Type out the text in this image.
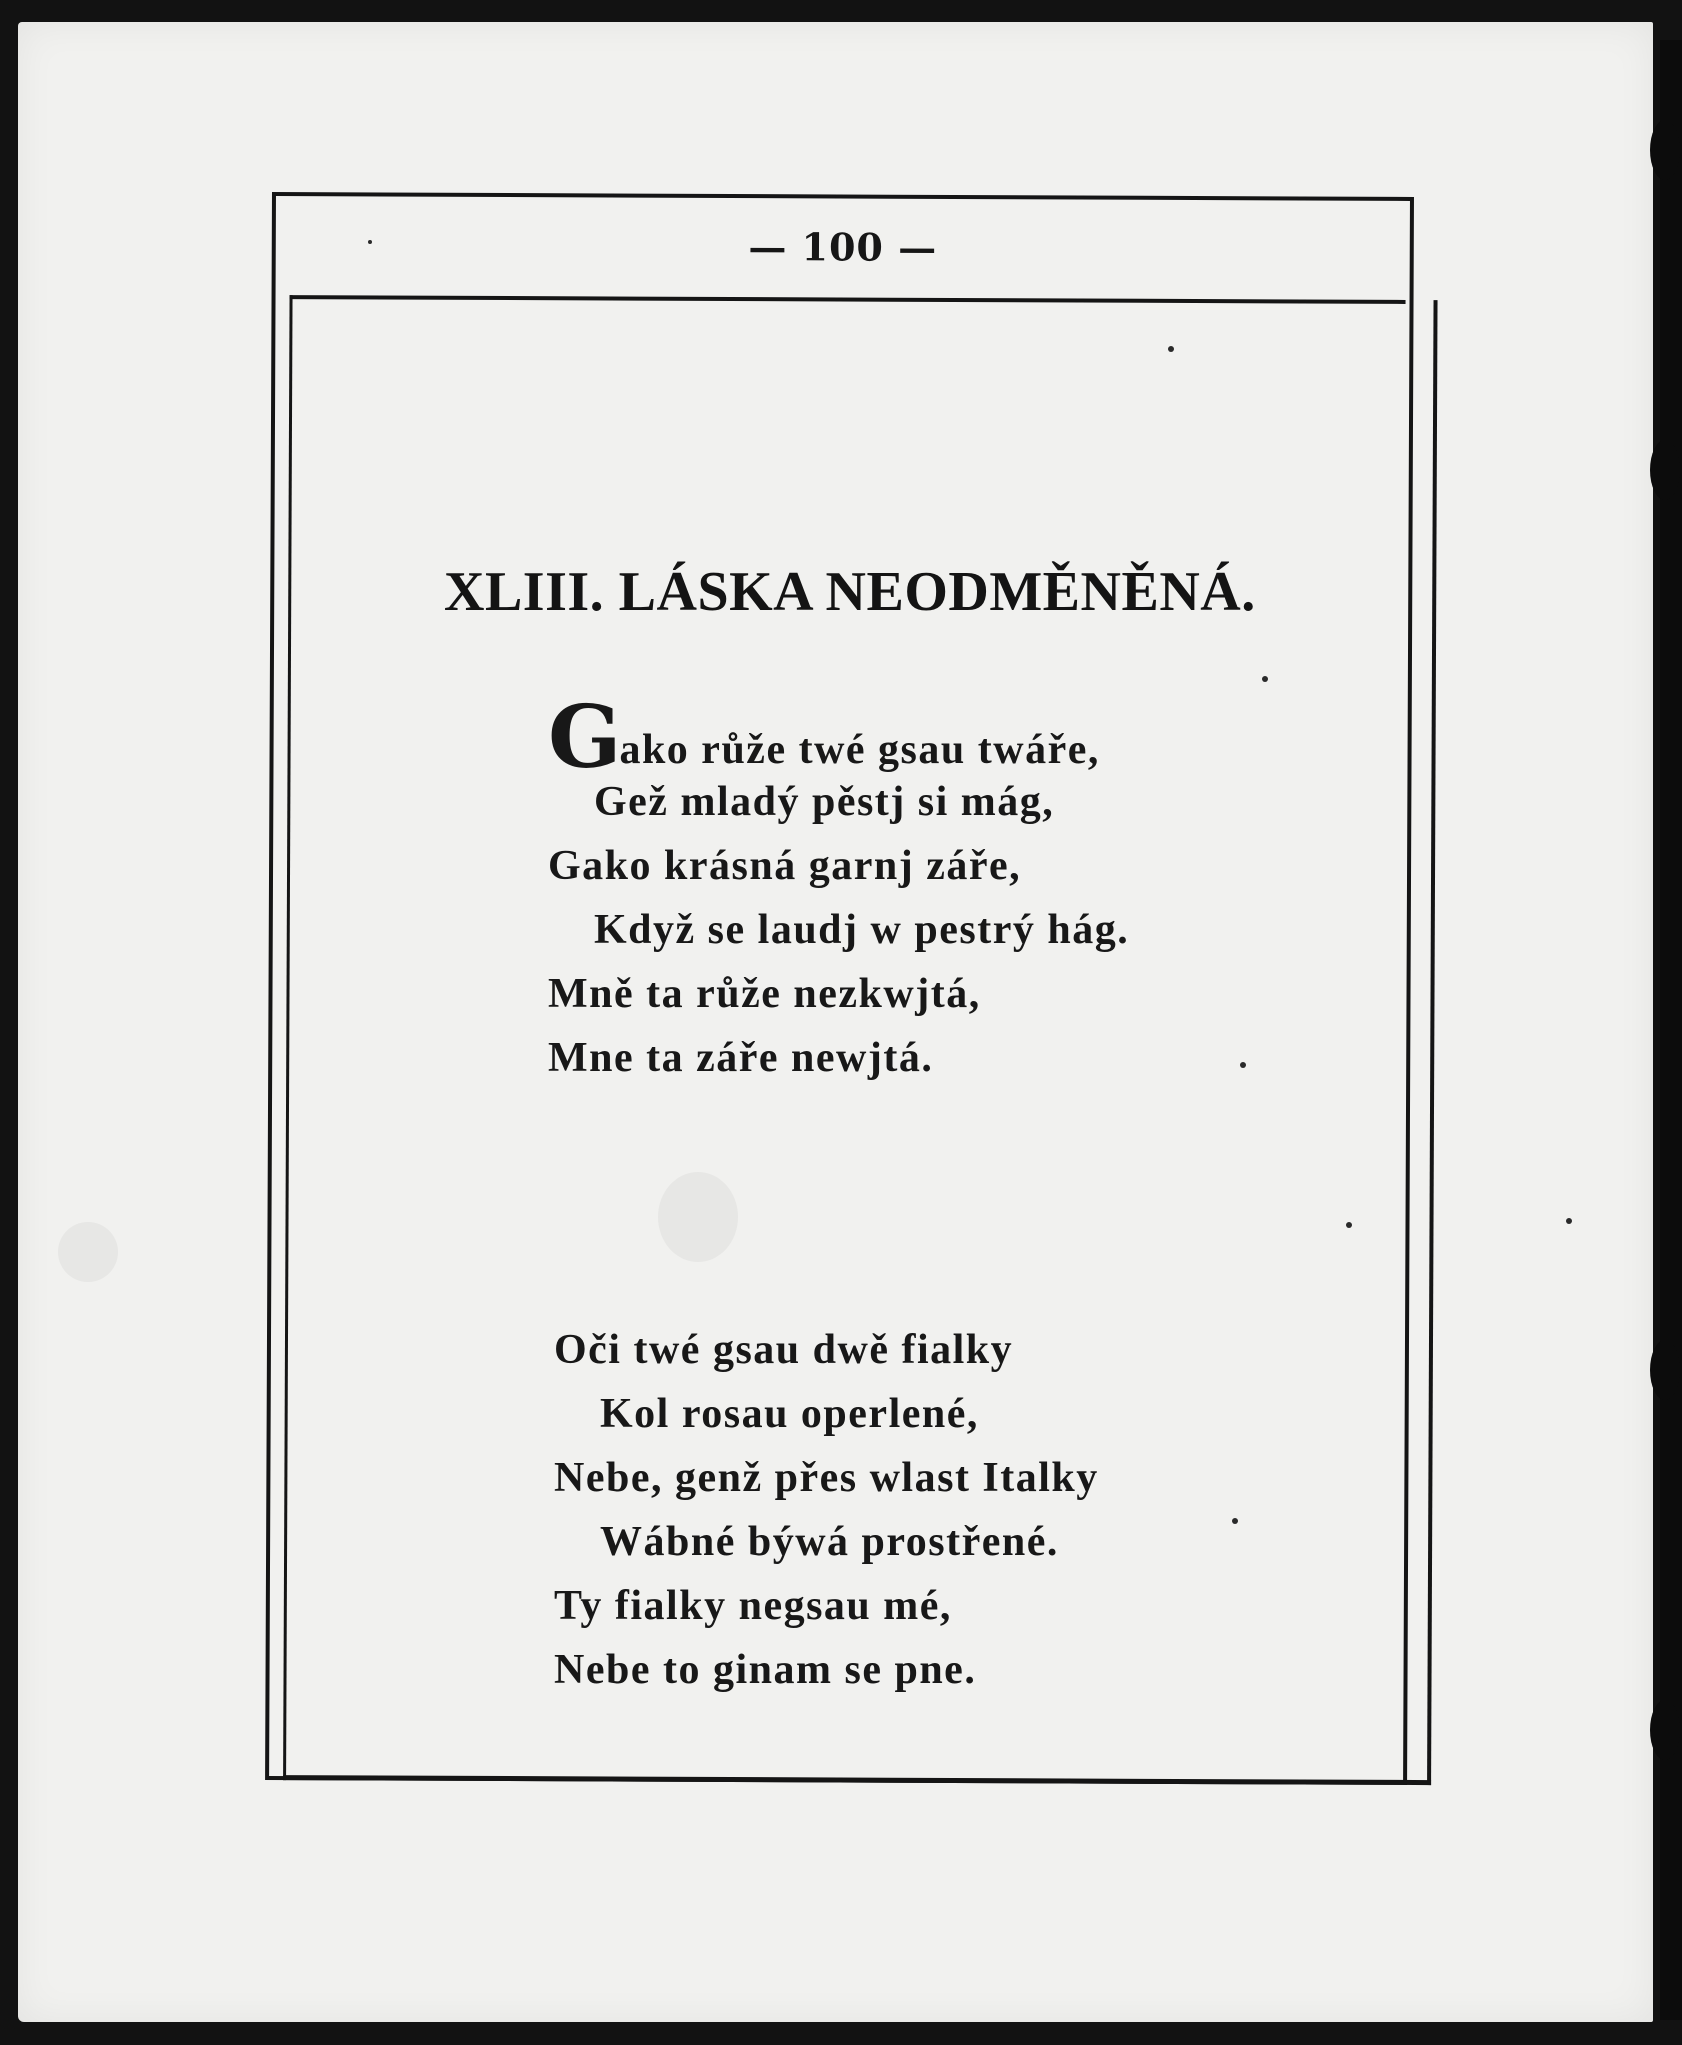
— 100 —
XLIII. LÁSKA NEODMĚNĚNÁ.
Gako růže twé gsau twáře,
Gež mladý pěstj si mág,
Gako krásná garnj záře,
Když se laudj w pestrý hág.
Mně ta růže nezkwjtá,
Mne ta záře newjtá.
Oči twé gsau dwě fialky
Kol rosau operlené,
Nebe, genž přes wlast Italky
Wábné býwá prostřené.
Ty fialky negsau mé,
Nebe to ginam se pne.
